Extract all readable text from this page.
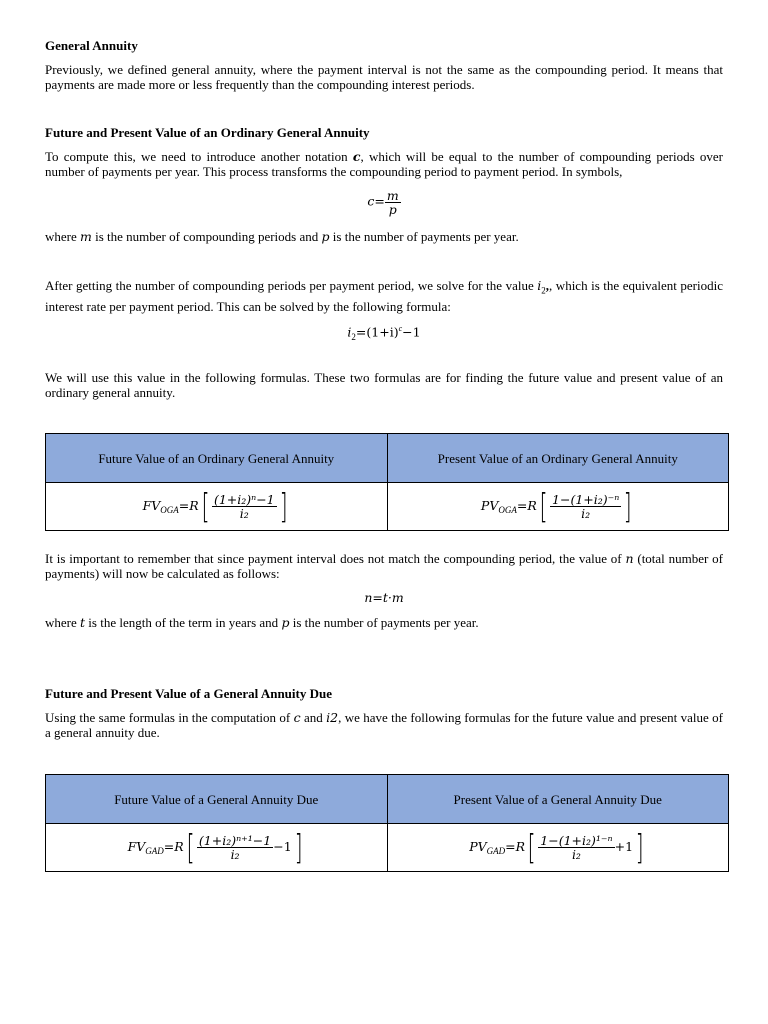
General Annuity
Previously, we defined general annuity, where the payment interval is not the same as the compounding period. It means that payments are made more or less frequently than the compounding interest periods.
Future and Present Value of an Ordinary General Annuity
To compute this, we need to introduce another notation c, which will be equal to the number of compounding periods over number of payments per year. This process transforms the compounding period to payment period. In symbols,
$c= \frac{m}{p}$
where m is the number of compounding periods and p is the number of payments per year.
After getting the number of compounding periods per payment period, we solve for the value $i_2$,, which is the equivalent periodic interest rate per payment period. This can be solved by the following formula:
$i_2=(1+i)^c-1$
We will use this value in the following formulas. These two formulas are for finding the future value and present value of an ordinary general annuity.
Future Value of an Ordinary General Annuity	Present Value of an Ordinary General Annuity
$FV_{OGA}=R[ \frac{\text{(1+i₂)ⁿ−1}}{\text{i₂}}$ ]	$PV_{OGA}=R[ \frac{\text{1−(1+i₂)⁻ⁿ}}{\text{i₂}}$ ]
It is important to remember that since payment interval does not match the compounding period, the value of n (total number of payments) will now be calculated as follows:
n=t·m
where t is the length of the term in years and p is the number of payments per year.
Future and Present Value of a General Annuity Due
Using the same formulas in the computation of c and i2, we have the following formulas for the future value and present value of a general annuity due.
Future Value of a General Annuity Due	Present Value of a General Annuity Due
$FV_{GAD}=R[ \frac{\text{(1+i₂)ⁿ⁺¹−1}}{\text{i₂}} -1]$	$PV_{GAD}=R[ \frac{\text{1−(1+i₂)¹⁻ⁿ}}{\text{i₂}} +1]$
